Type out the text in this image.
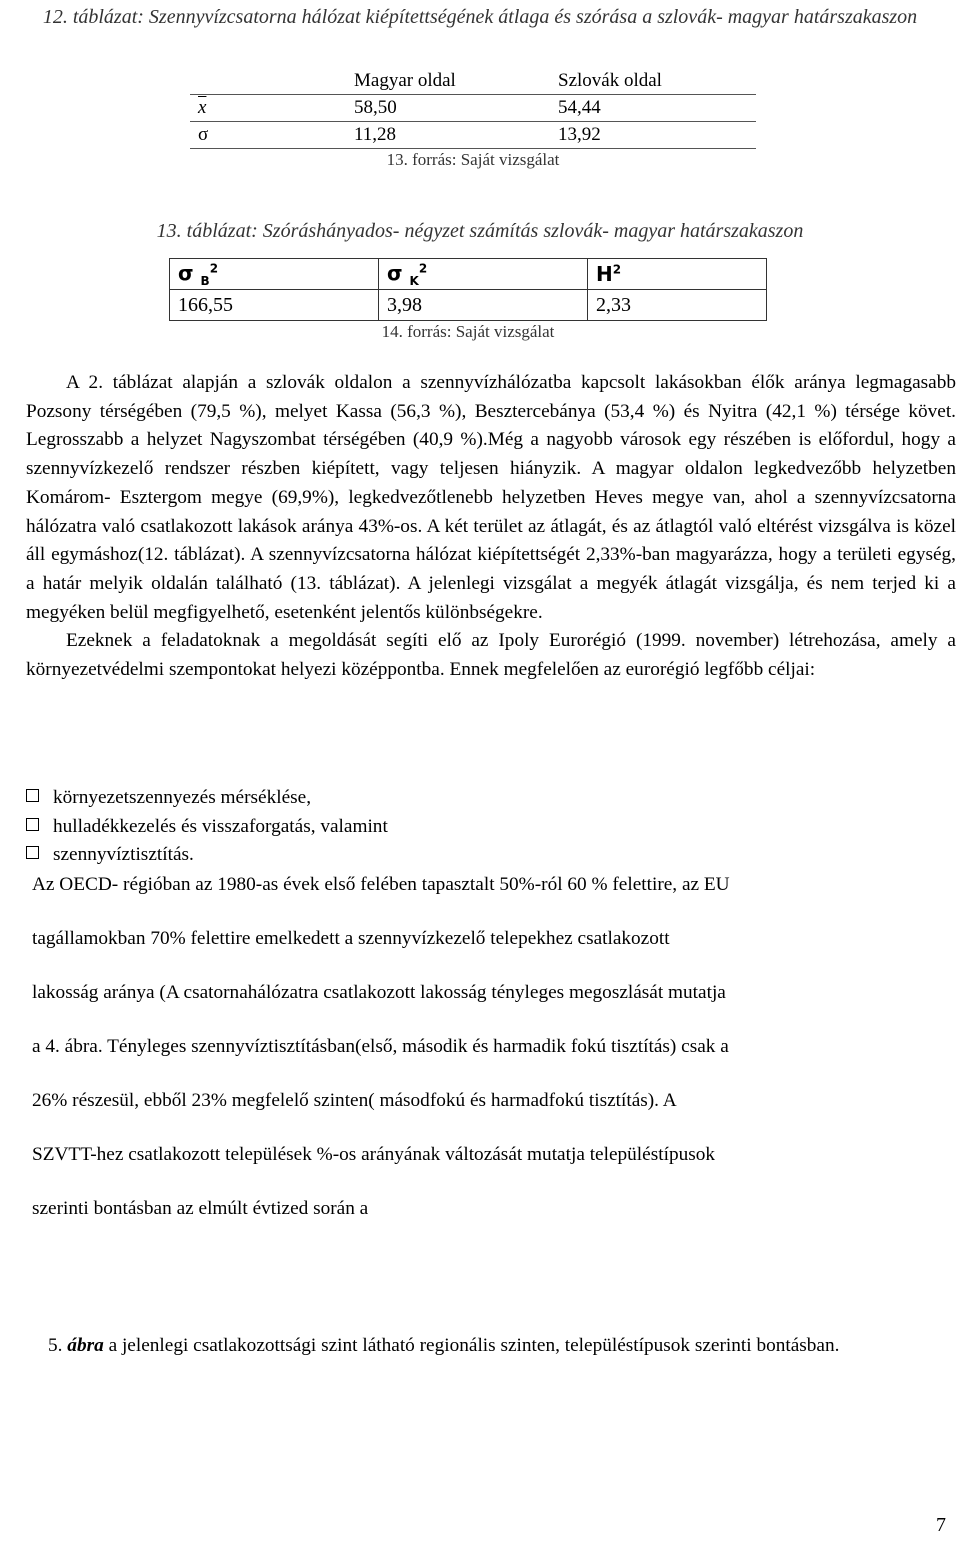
12. táblázat: Szennyvízcsatorna hálózat kiépítettségének átlaga és szórása a szlovák- magyar határszakaszon
	Magyar oldal	Szlovák oldal
$\overline{x}$	58,50	54,44
σ	11,28	13,92
13. forrás: Saját vizsgálat
13. táblázat: Szóráshányados- négyzet számítás szlovák- magyar határszakaszon
σ $_B^2$	σ $_K^2$	$H^2$
166,55	3,98	2,33
14. forrás: Saját vizsgálat

A 2. táblázat alapján a szlovák oldalon a szennyvízhálózatba kapcsolt lakásokban élők aránya legmagasabb Pozsony térségében (79,5 %), melyet Kassa (56,3 %), Besztercebánya (53,4 %) és Nyitra (42,1 %) térsége követ. Legrosszabb a helyzet Nagyszombat térségében (40,9 %).Még a nagyobb városok egy részében is előfordul, hogy a szennyvízkezelő rendszer részben kiépített, vagy teljesen hiányzik. A magyar oldalon legkedvezőbb helyzetben Komárom- Esztergom megye (69,9%), legkedvezőtlenebb helyzetben Heves megye van, ahol a szennyvízcsatorna hálózatra való csatlakozott lakások aránya 43%-os. A két terület az átlagát, és az átlagtól való eltérést vizsgálva is közel áll egymáshoz(12. táblázat). A szennyvízcsatorna hálózat kiépítettségét 2,33%-ban magyarázza, hogy a területi egység, a határ melyik oldalán található (13. táblázat). A jelenlegi vizsgálat a megyék átlagát vizsgálja, és nem terjed ki a megyéken belül megfigyelhető, esetenként jelentős különbségekre.

Ezeknek a feladatoknak a megoldását segíti elő az Ipoly Eurorégió (1999. november) létrehozása, amely a környezetvédelmi szempontokat helyezi középpontba. Ennek megfelelően az eurorégió legfőbb céljai:

környezetszennyezés mérséklése,
hulladékkezelés és visszaforgatás, valamint
szennyvíztisztítás.
Az OECD- régióban az 1980-as évek első felében tapasztalt 50%-ról 60 % felettire, az EU
tagállamokban 70% felettire emelkedett a szennyvízkezelő telepekhez csatlakozott
lakosság aránya (A csatornahálózatra csatlakozott lakosság tényleges megoszlását mutatja
a 4. ábra. Tényleges szennyvíztisztításban(első, második és harmadik fokú tisztítás) csak a
26% részesül, ebből 23% megfelelő szinten( másodfokú és harmadfokú tisztítás). A
SZVTT-hez csatlakozott települések %-os arányának változását mutatja településtípusok
szerinti bontásban az elmúlt évtized során a

5. ábra a jelenlegi csatlakozottsági szint látható regionális szinten, településtípusok szerinti bontásban.

7
